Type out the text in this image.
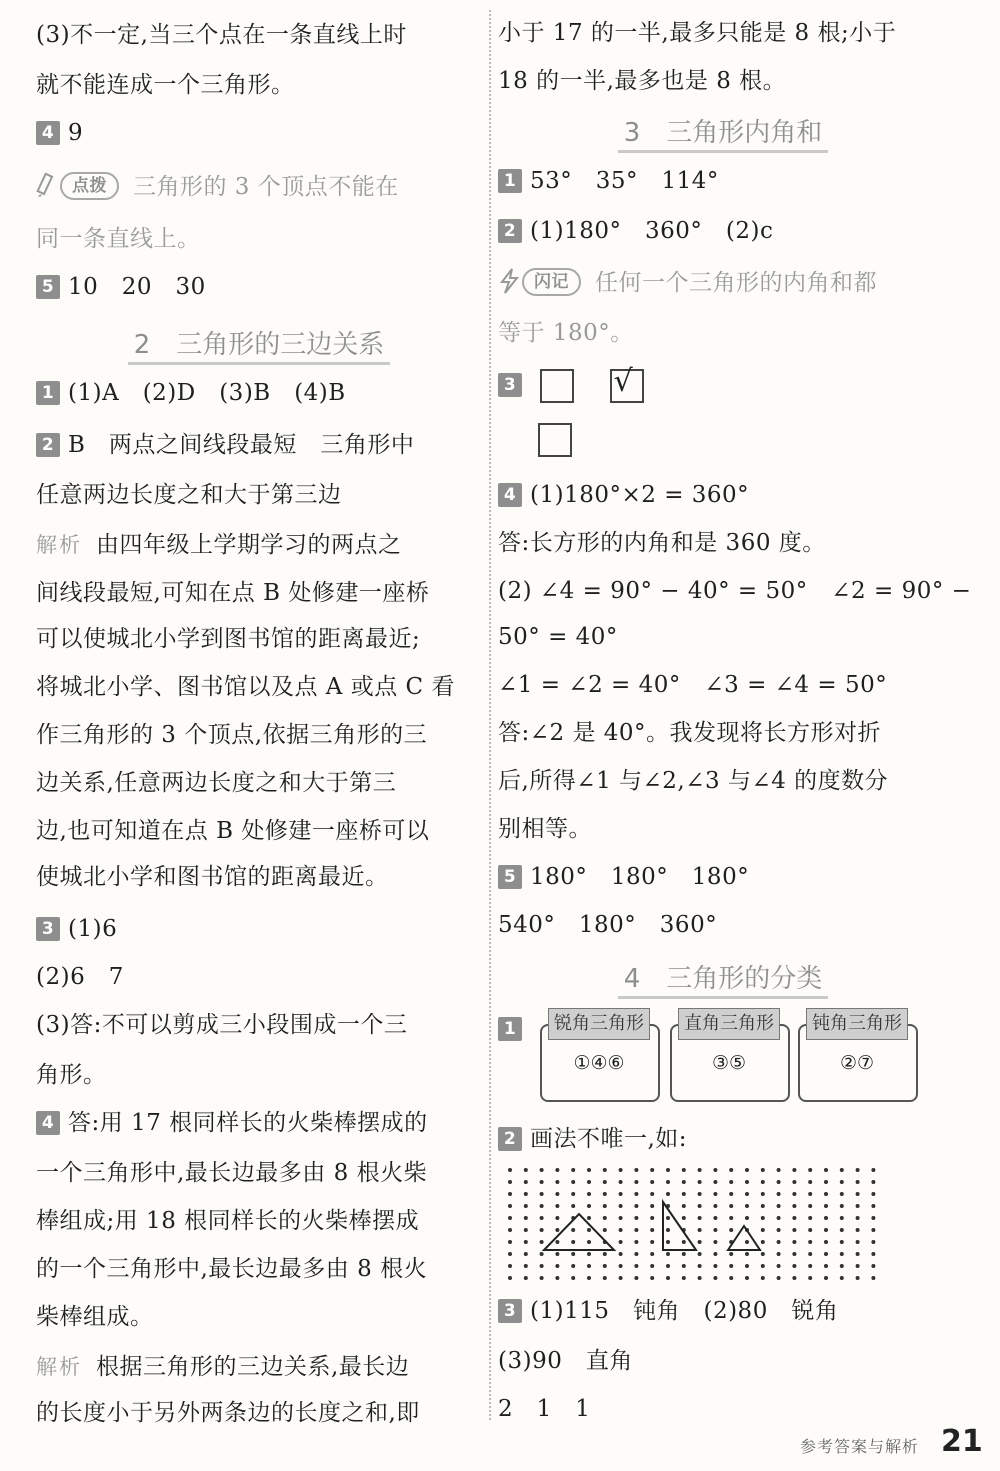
(3)不一定,当三个点在一条直线上时
就不能连成一个三角形。
4 9
点拨 三角形的 3 个顶点不能在
同一条直线上。
5 10　20　30
2　三角形的三边关系
1 (1)A　(2)D　(3)B　(4)B
2 B　两点之间线段最短　三角形中
任意两边长度之和大于第三边
解析 由四年级上学期学习的两点之
间线段最短,可知在点 B 处修建一座桥
可以使城北小学到图书馆的距离最近;
将城北小学、图书馆以及点 A 或点 C 看
作三角形的 3 个顶点,依据三角形的三
边关系,任意两边长度之和大于第三
边,也可知道在点 B 处修建一座桥可以
使城北小学和图书馆的距离最近。
3 (1)6
(2)6　7
(3)答:不可以剪成三小段围成一个三
角形。
4 答:用 17 根同样长的火柴棒摆成的
一个三角形中,最长边最多由 8 根火柴
棒组成;用 18 根同样长的火柴棒摆成
的一个三角形中,最长边最多由 8 根火
柴棒组成。
解析 根据三角形的三边关系,最长边
的长度小于另外两条边的长度之和,即
小于 17 的一半,最多只能是 8 根;小于
18 的一半,最多也是 8 根。
3　三角形内角和
1 53°　35°　114°
2 (1)180°　360°　(2)c
闪记 任何一个三角形的内角和都
等于 180°。
3	√
4 (1)180°×2 = 360°
答:长方形的内角和是 360 度。
(2) ∠4 = 90° − 40° = 50°　∠2 = 90° −
50° = 40°
∠1 = ∠2 = 40°　∠3 = ∠4 = 50°
答:∠2 是 40°。我发现将长方形对折
后,所得∠1 与∠2,∠3 与∠4 的度数分
别相等。
5 180°　180°　180°
540°　180°　360°
4　三角形的分类
1	锐角三角形
①④⑥
直角三角形
③⑤
钝角三角形
②⑦
2 画法不唯一,如:
3 (1)115　钝角　(2)80　锐角
(3)90　直角
2　1　1
参考答案与解析 21
